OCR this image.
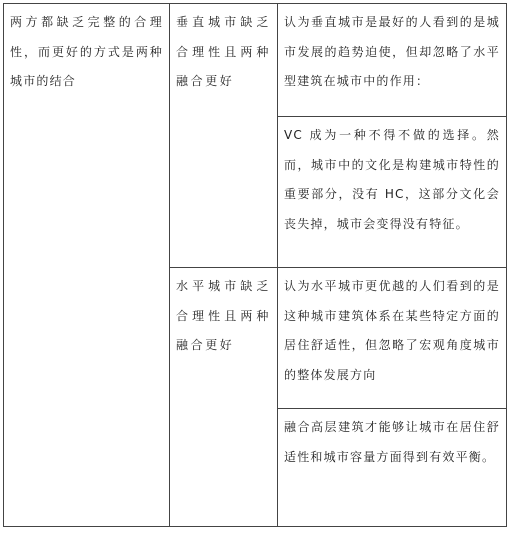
两方都缺乏完整的合理性，而更好的方式是两种城市的结合	垂直城市缺乏合理性且两种融合更好	认为垂直城市是最好的人看到的是城市发展的趋势迫使，但却忽略了水平型建筑在城市中的作用：

		VC 成为一种不得不做的选择。然而，城市中的文化是构建城市特性的重要部分，没有 HC，这部分文化会丧失掉，城市会变得没有特征。

	水平城市缺乏合理性且两种融合更好	认为水平城市更优越的人们看到的是这种城市建筑体系在某些特定方面的居住舒适性，但忽略了宏观角度城市的整体发展方向

		融合高层建筑才能够让城市在居住舒适性和城市容量方面得到有效平衡。
